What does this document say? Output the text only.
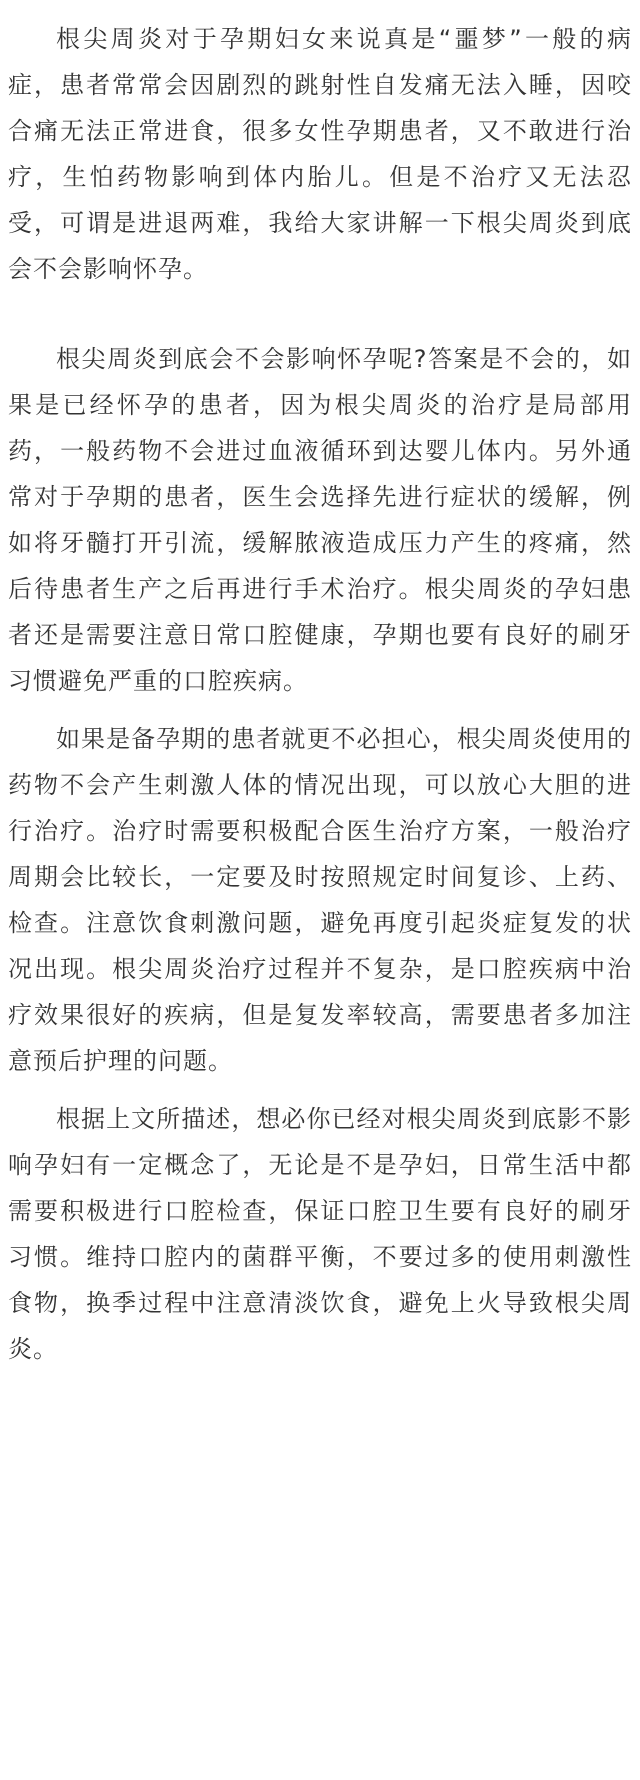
根尖周炎对于孕期妇女来说真是“噩梦”一般的病症，患者常常会因剧烈的跳射性自发痛无法入睡，因咬合痛无法正常进食，很多女性孕期患者，又不敢进行治疗，生怕药物影响到体内胎儿。但是不治疗又无法忍受，可谓是进退两难，我给大家讲解一下根尖周炎到底会不会影响怀孕。

根尖周炎到底会不会影响怀孕呢?答案是不会的，如果是已经怀孕的患者，因为根尖周炎的治疗是局部用药，一般药物不会进过血液循环到达婴儿体内。另外通常对于孕期的患者，医生会选择先进行症状的缓解，例如将牙髓打开引流，缓解脓液造成压力产生的疼痛，然后待患者生产之后再进行手术治疗。根尖周炎的孕妇患者还是需要注意日常口腔健康，孕期也要有良好的刷牙习惯避免严重的口腔疾病。

如果是备孕期的患者就更不必担心，根尖周炎使用的药物不会产生刺激人体的情况出现，可以放心大胆的进行治疗。治疗时需要积极配合医生治疗方案，一般治疗周期会比较长，一定要及时按照规定时间复诊、上药、检查。注意饮食刺激问题，避免再度引起炎症复发的状况出现。根尖周炎治疗过程并不复杂，是口腔疾病中治疗效果很好的疾病，但是复发率较高，需要患者多加注意预后护理的问题。

根据上文所描述，想必你已经对根尖周炎到底影不影响孕妇有一定概念了，无论是不是孕妇，日常生活中都需要积极进行口腔检查，保证口腔卫生要有良好的刷牙习惯。维持口腔内的菌群平衡，不要过多的使用刺激性食物，换季过程中注意清淡饮食，避免上火导致根尖周炎。
